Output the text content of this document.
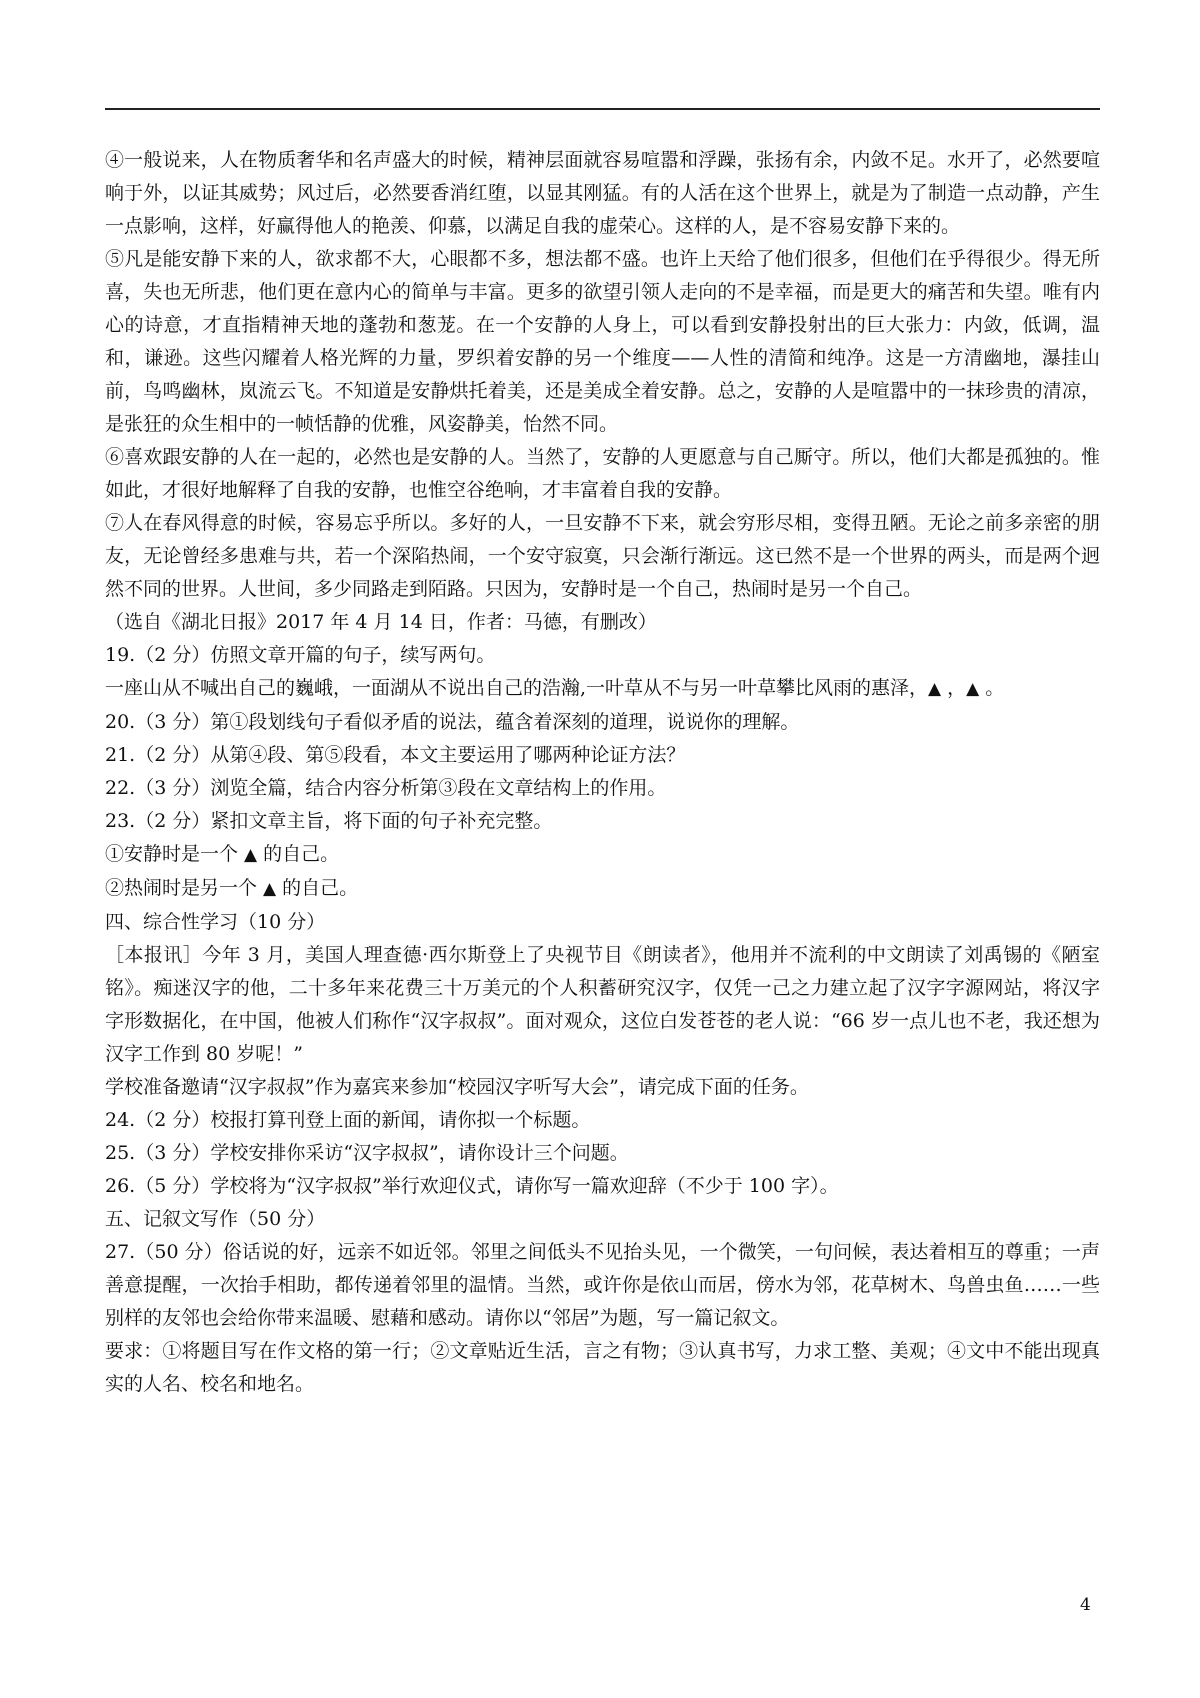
④一般说来，人在物质奢华和名声盛大的时候，精神层面就容易喧嚣和浮躁，张扬有余，内敛不足。水开了，必然要喧响于外，以证其威势；风过后，必然要香消红堕，以显其刚猛。有的人活在这个世界上，就是为了制造一点动静，产生一点影响，这样，好赢得他人的艳羡、仰慕，以满足自我的虚荣心。这样的人，是不容易安静下来的。

⑤凡是能安静下来的人，欲求都不大，心眼都不多，想法都不盛。也许上天给了他们很多，但他们在乎得很少。得无所喜，失也无所悲，他们更在意内心的简单与丰富。更多的欲望引领人走向的不是幸福，而是更大的痛苦和失望。唯有内心的诗意，才直指精神天地的蓬勃和葱茏。在一个安静的人身上，可以看到安静投射出的巨大张力：内敛，低调，温和，谦逊。这些闪耀着人格光辉的力量，罗织着安静的另一个维度——人性的清简和纯净。这是一方清幽地，瀑挂山前，鸟鸣幽林，岚流云飞。不知道是安静烘托着美，还是美成全着安静。总之，安静的人是喧嚣中的一抹珍贵的清凉，是张狂的众生相中的一帧恬静的优雅，风姿静美，怡然不同。

⑥喜欢跟安静的人在一起的，必然也是安静的人。当然了，安静的人更愿意与自己厮守。所以，他们大都是孤独的。惟如此，才很好地解释了自我的安静，也惟空谷绝响，才丰富着自我的安静。

⑦人在春风得意的时候，容易忘乎所以。多好的人，一旦安静不下来，就会穷形尽相，变得丑陋。无论之前多亲密的朋友，无论曾经多患难与共，若一个深陷热闹，一个安守寂寞，只会渐行渐远。这已然不是一个世界的两头，而是两个迥然不同的世界。人世间，多少同路走到陌路。只因为，安静时是一个自己，热闹时是另一个自己。

（选自《湖北日报》2017 年 4 月 14 日，作者：马德，有删改）

19.（2 分）仿照文章开篇的句子，续写两句。

一座山从不喊出自己的巍峨，一面湖从不说出自己的浩瀚,一叶草从不与另一叶草攀比风雨的惠泽，▲ ，▲ 。

20.（3 分）第①段划线句子看似矛盾的说法，蕴含着深刻的道理，说说你的理解。

21.（2 分）从第④段、第⑤段看，本文主要运用了哪两种论证方法？

22.（3 分）浏览全篇，结合内容分析第③段在文章结构上的作用。

23.（2 分）紧扣文章主旨，将下面的句子补充完整。

①安静时是一个 ▲ 的自己。

②热闹时是另一个 ▲ 的自己。

四、综合性学习（10 分）

［本报讯］今年 3 月，美国人理查德·西尔斯登上了央视节目《朗读者》，他用并不流利的中文朗读了刘禹锡的《陋室铭》。痴迷汉字的他，二十多年来花费三十万美元的个人积蓄研究汉字，仅凭一己之力建立起了汉字字源网站，将汉字字形数据化，在中国，他被人们称作“汉字叔叔”。面对观众，这位白发苍苍的老人说：“66 岁一点儿也不老，我还想为汉字工作到 80 岁呢！”

学校准备邀请“汉字叔叔”作为嘉宾来参加“校园汉字听写大会”，请完成下面的任务。

24.（2 分）校报打算刊登上面的新闻，请你拟一个标题。

25.（3 分）学校安排你采访“汉字叔叔”，请你设计三个问题。

26.（5 分）学校将为“汉字叔叔”举行欢迎仪式，请你写一篇欢迎辞（不少于 100 字）。

五、记叙文写作（50 分）

27.（50 分）俗话说的好，远亲不如近邻。邻里之间低头不见抬头见，一个微笑，一句问候，表达着相互的尊重；一声善意提醒，一次抬手相助，都传递着邻里的温情。当然，或许你是依山而居，傍水为邻，花草树木、鸟兽虫鱼……一些别样的友邻也会给你带来温暖、慰藉和感动。请你以“邻居”为题，写一篇记叙文。

要求：①将题目写在作文格的第一行；②文章贴近生活，言之有物；③认真书写，力求工整、美观；④文中不能出现真实的人名、校名和地名。

4
